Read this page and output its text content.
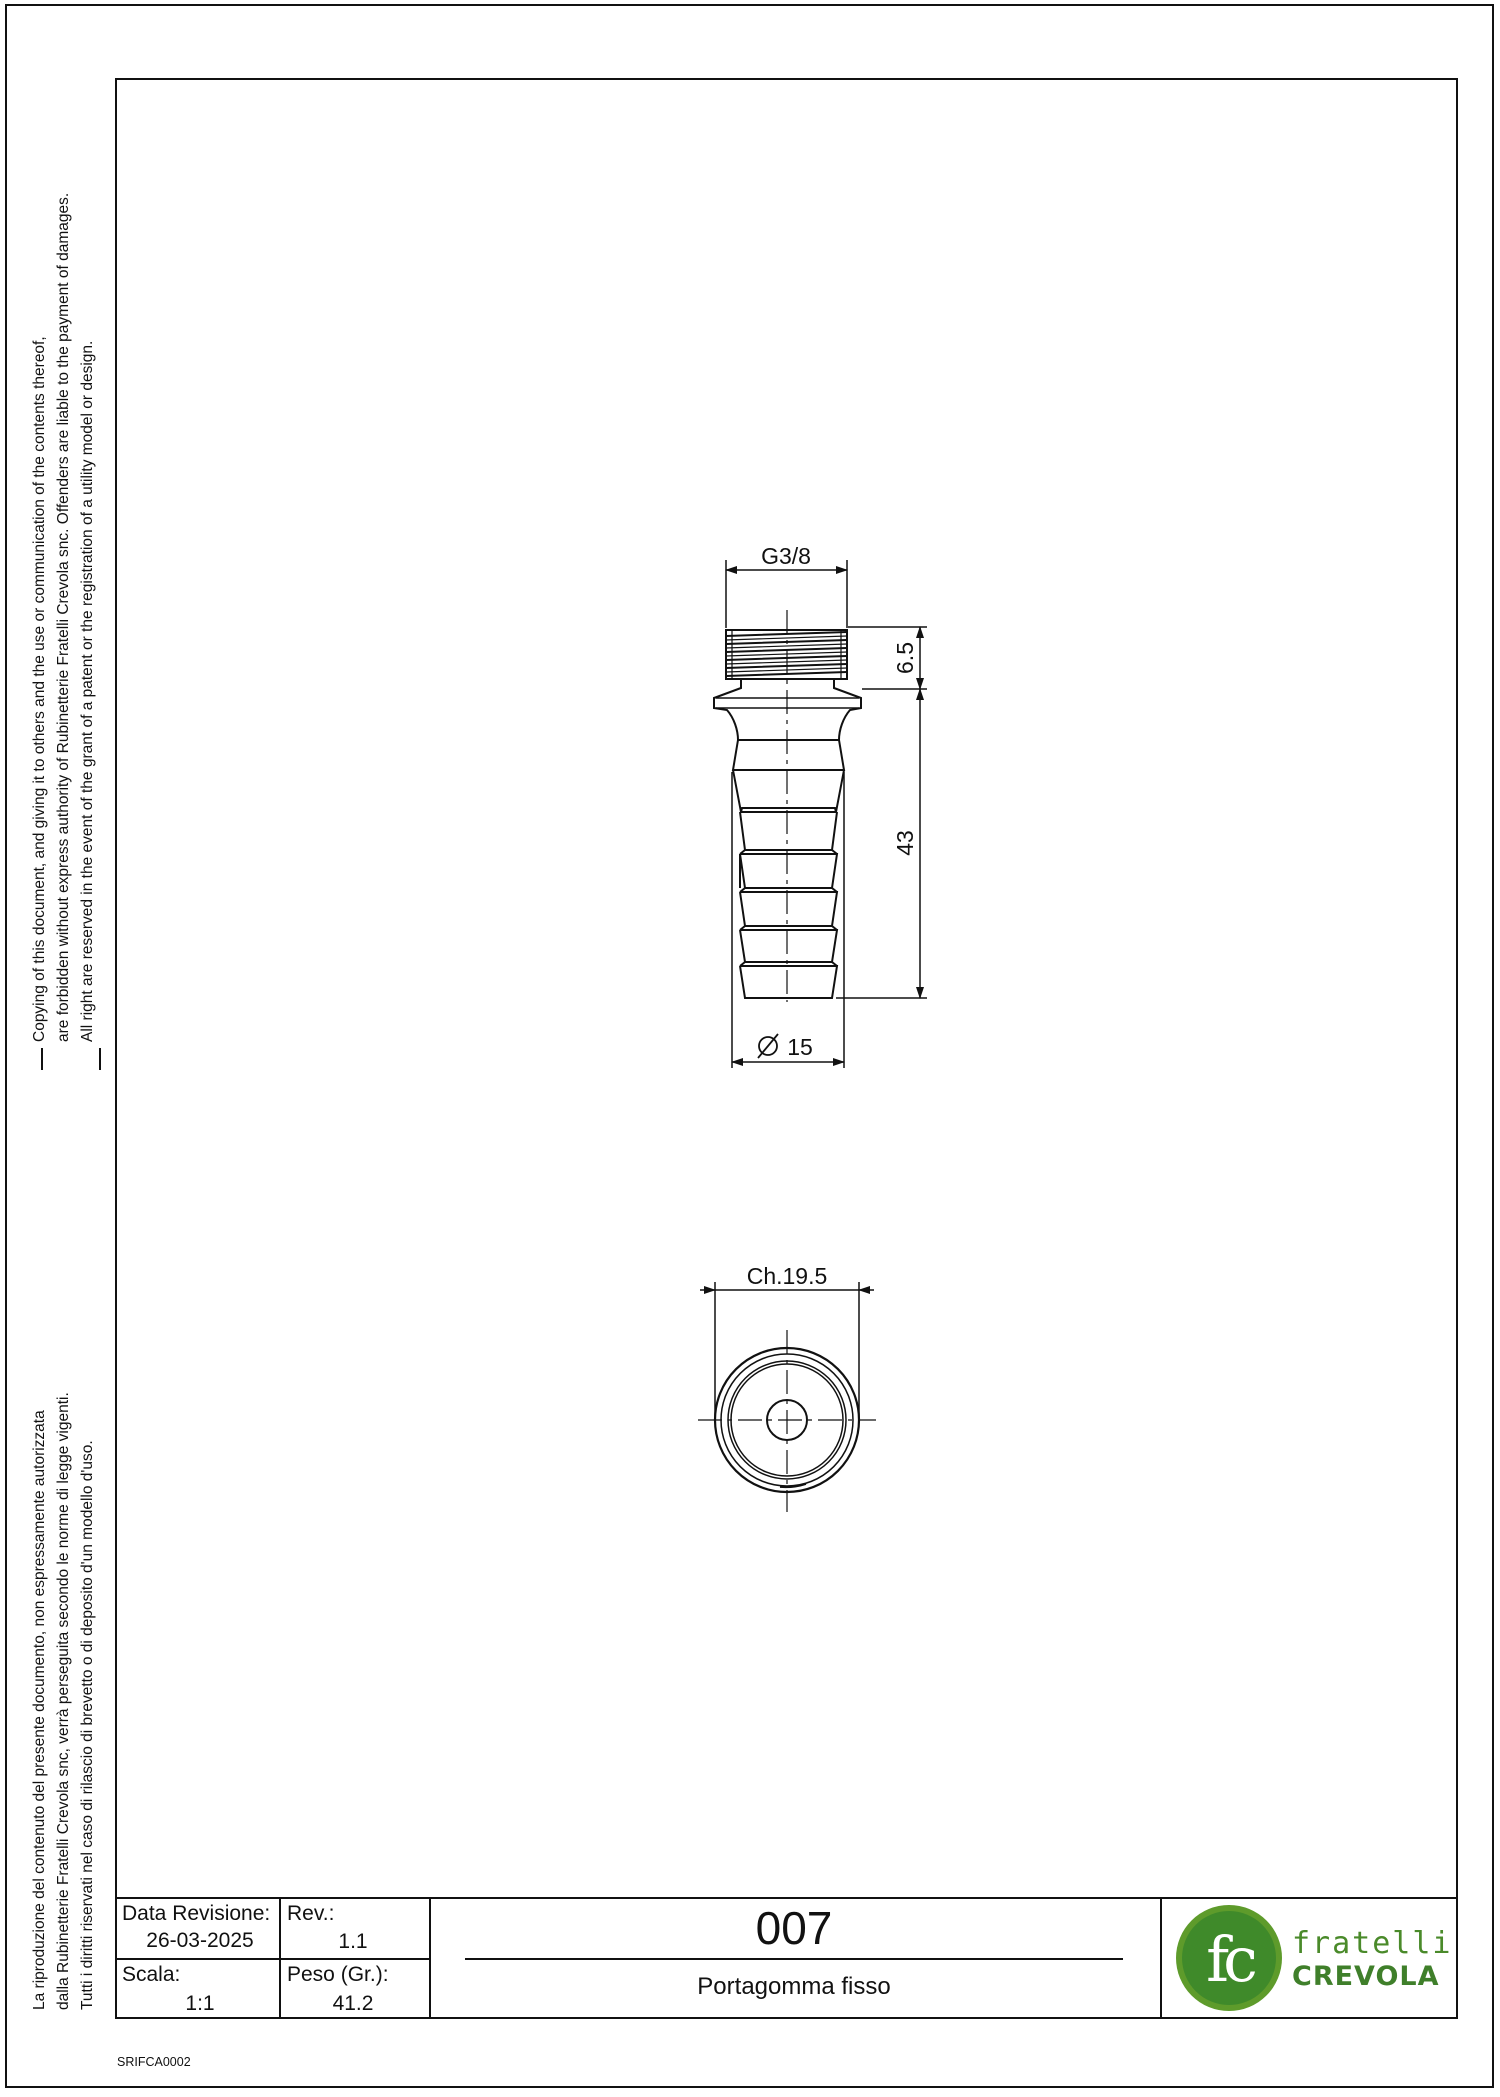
Copying of this document, and giving it to others and the use or communication of the contents thereof, are forbidden without express authority of Rubinetterie Fratelli Crevola snc. Offenders are liable to the payment of damages. All right are reserved in the event of the grant of a patent or the registration of a utility model or design.
La riproduzione del contenuto del presente documento, non espressamente autorizzata dalla Rubinetterie Fratelli Crevola snc, verrà perseguita secondo le norme di legge vigenti. Tutti i diritti riservati nel caso di rilascio di brevetto o di deposito d'un modello d'uso.
G3/8
6.5
43
15
Ch.19.5
Data Revisione:
26-03-2025
Rev.:
1.1
Scala:
1:1
Peso (Gr.):
41.2
007
Portagomma fisso	fc fratelli
CREVOLA
SRIFCA0002
